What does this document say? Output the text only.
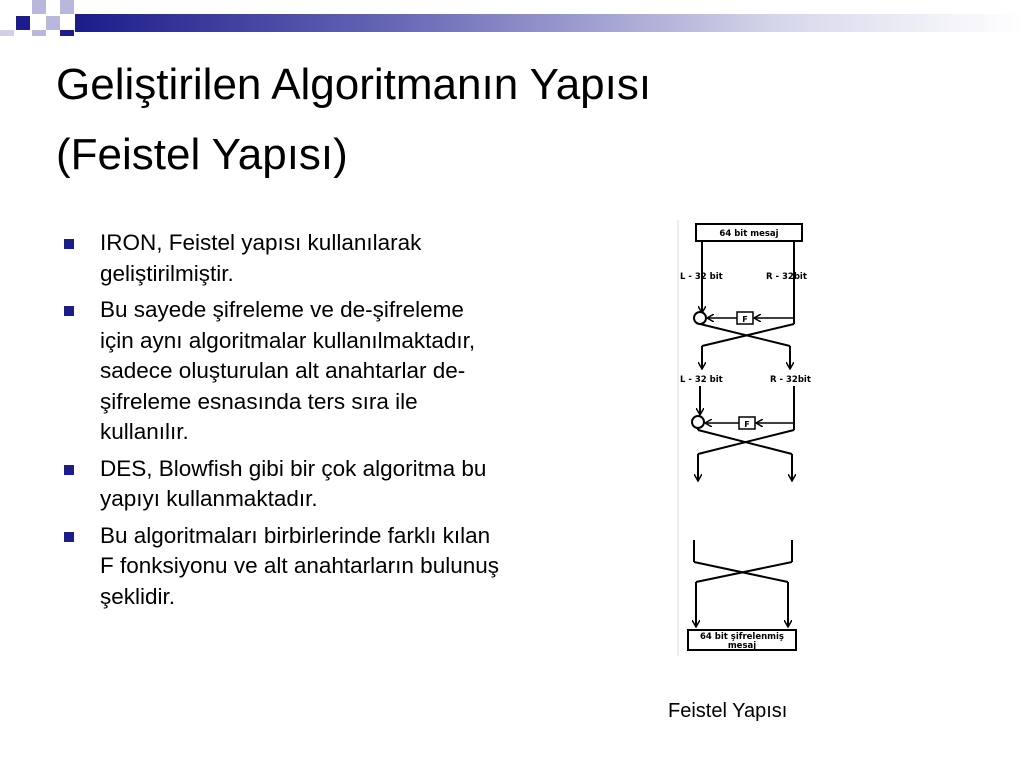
Geliştirilen Algoritmanın Yapısı
(Feistel Yapısı)
IRON, Feistel yapısı kullanılarak geliştirilmiştir.
Bu sayede şifreleme ve de-şifreleme için aynı algoritmalar kullanılmaktadır, sadece oluşturulan alt anahtarlar de-şifreleme esnasında ters sıra ile kullanılır.
DES, Blowfish gibi bir çok algoritma bu yapıyı kullanmaktadır.
Bu algoritmaları birbirlerinde farklı kılan F fonksiyonu ve alt anahtarların bulunuş şeklidir.
64 bit mesaj
L - 32 bit	R - 32bit
L - 32 bit	R - 32bit
F
F
64 bit şifrelenmiş
mesaj
Feistel Yapısı
